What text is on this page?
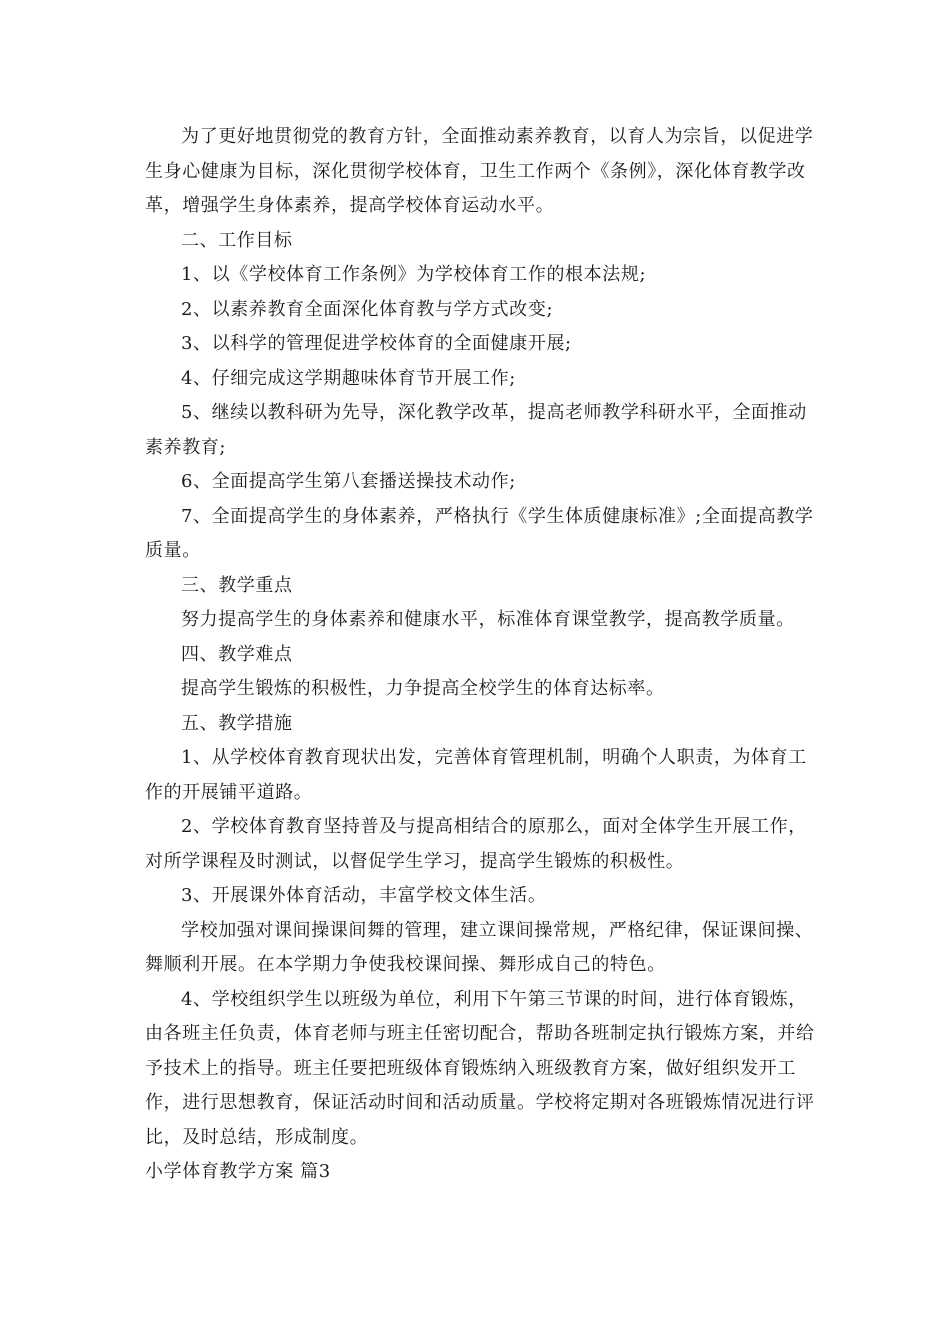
为了更好地贯彻党的教育方针，全面推动素养教育，以育人为宗旨，以促进学生身心健康为目标，深化贯彻学校体育，卫生工作两个《条例》，深化体育教学改革，增强学生身体素养，提高学校体育运动水平。

二、工作目标

1、以《学校体育工作条例》为学校体育工作的根本法规;

2、以素养教育全面深化体育教与学方式改变;

3、以科学的管理促进学校体育的全面健康开展;

4、仔细完成这学期趣味体育节开展工作;

5、继续以教科研为先导，深化教学改革，提高老师教学科研水平，全面推动素养教育;

6、全面提高学生第八套播送操技术动作;

7、全面提高学生的身体素养，严格执行《学生体质健康标准》;全面提高教学质量。

三、教学重点

努力提高学生的身体素养和健康水平，标准体育课堂教学，提高教学质量。

四、教学难点

提高学生锻炼的积极性，力争提高全校学生的体育达标率。

五、教学措施

1、从学校体育教育现状出发，完善体育管理机制，明确个人职责，为体育工作的开展铺平道路。

2、学校体育教育坚持普及与提高相结合的原那么，面对全体学生开展工作，对所学课程及时测试，以督促学生学习，提高学生锻炼的积极性。

3、开展课外体育活动，丰富学校文体生活。

学校加强对课间操课间舞的管理，建立课间操常规，严格纪律，保证课间操、舞顺利开展。在本学期力争使我校课间操、舞形成自己的特色。

4、学校组织学生以班级为单位，利用下午第三节课的时间，进行体育锻炼，由各班主任负责，体育老师与班主任密切配合，帮助各班制定执行锻炼方案，并给予技术上的指导。班主任要把班级体育锻炼纳入班级教育方案，做好组织发开工作，进行思想教育，保证活动时间和活动质量。学校将定期对各班锻炼情况进行评比，及时总结，形成制度。

小学体育教学方案 篇3
